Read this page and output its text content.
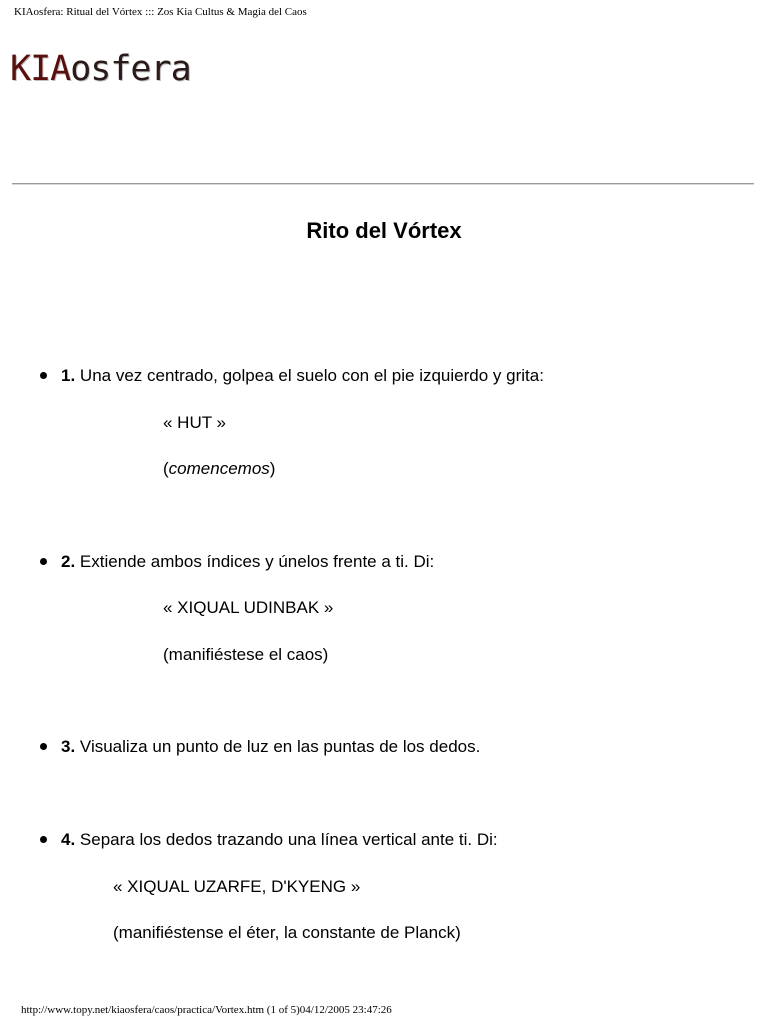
KIAosfera: Ritual del Vórtex ::: Zos Kia Cultus & Magia del Caos
KIAosfera
Rito del Vórtex
1. Una vez centrado, golpea el suelo con el pie izquierdo y grita:
« HUT »
(comencemos)
2. Extiende ambos índices y únelos frente a ti. Di:
« XIQUAL UDINBAK »
(manifiéstese el caos)
3. Visualiza un punto de luz en las puntas de los dedos.
4. Separa los dedos trazando una línea vertical ante ti. Di:
« XIQUAL UZARFE, D'KYENG »
(manifiéstense el éter, la constante de Planck)
http://www.topy.net/kiaosfera/caos/practica/Vortex.htm (1 of 5)04/12/2005 23:47:26
